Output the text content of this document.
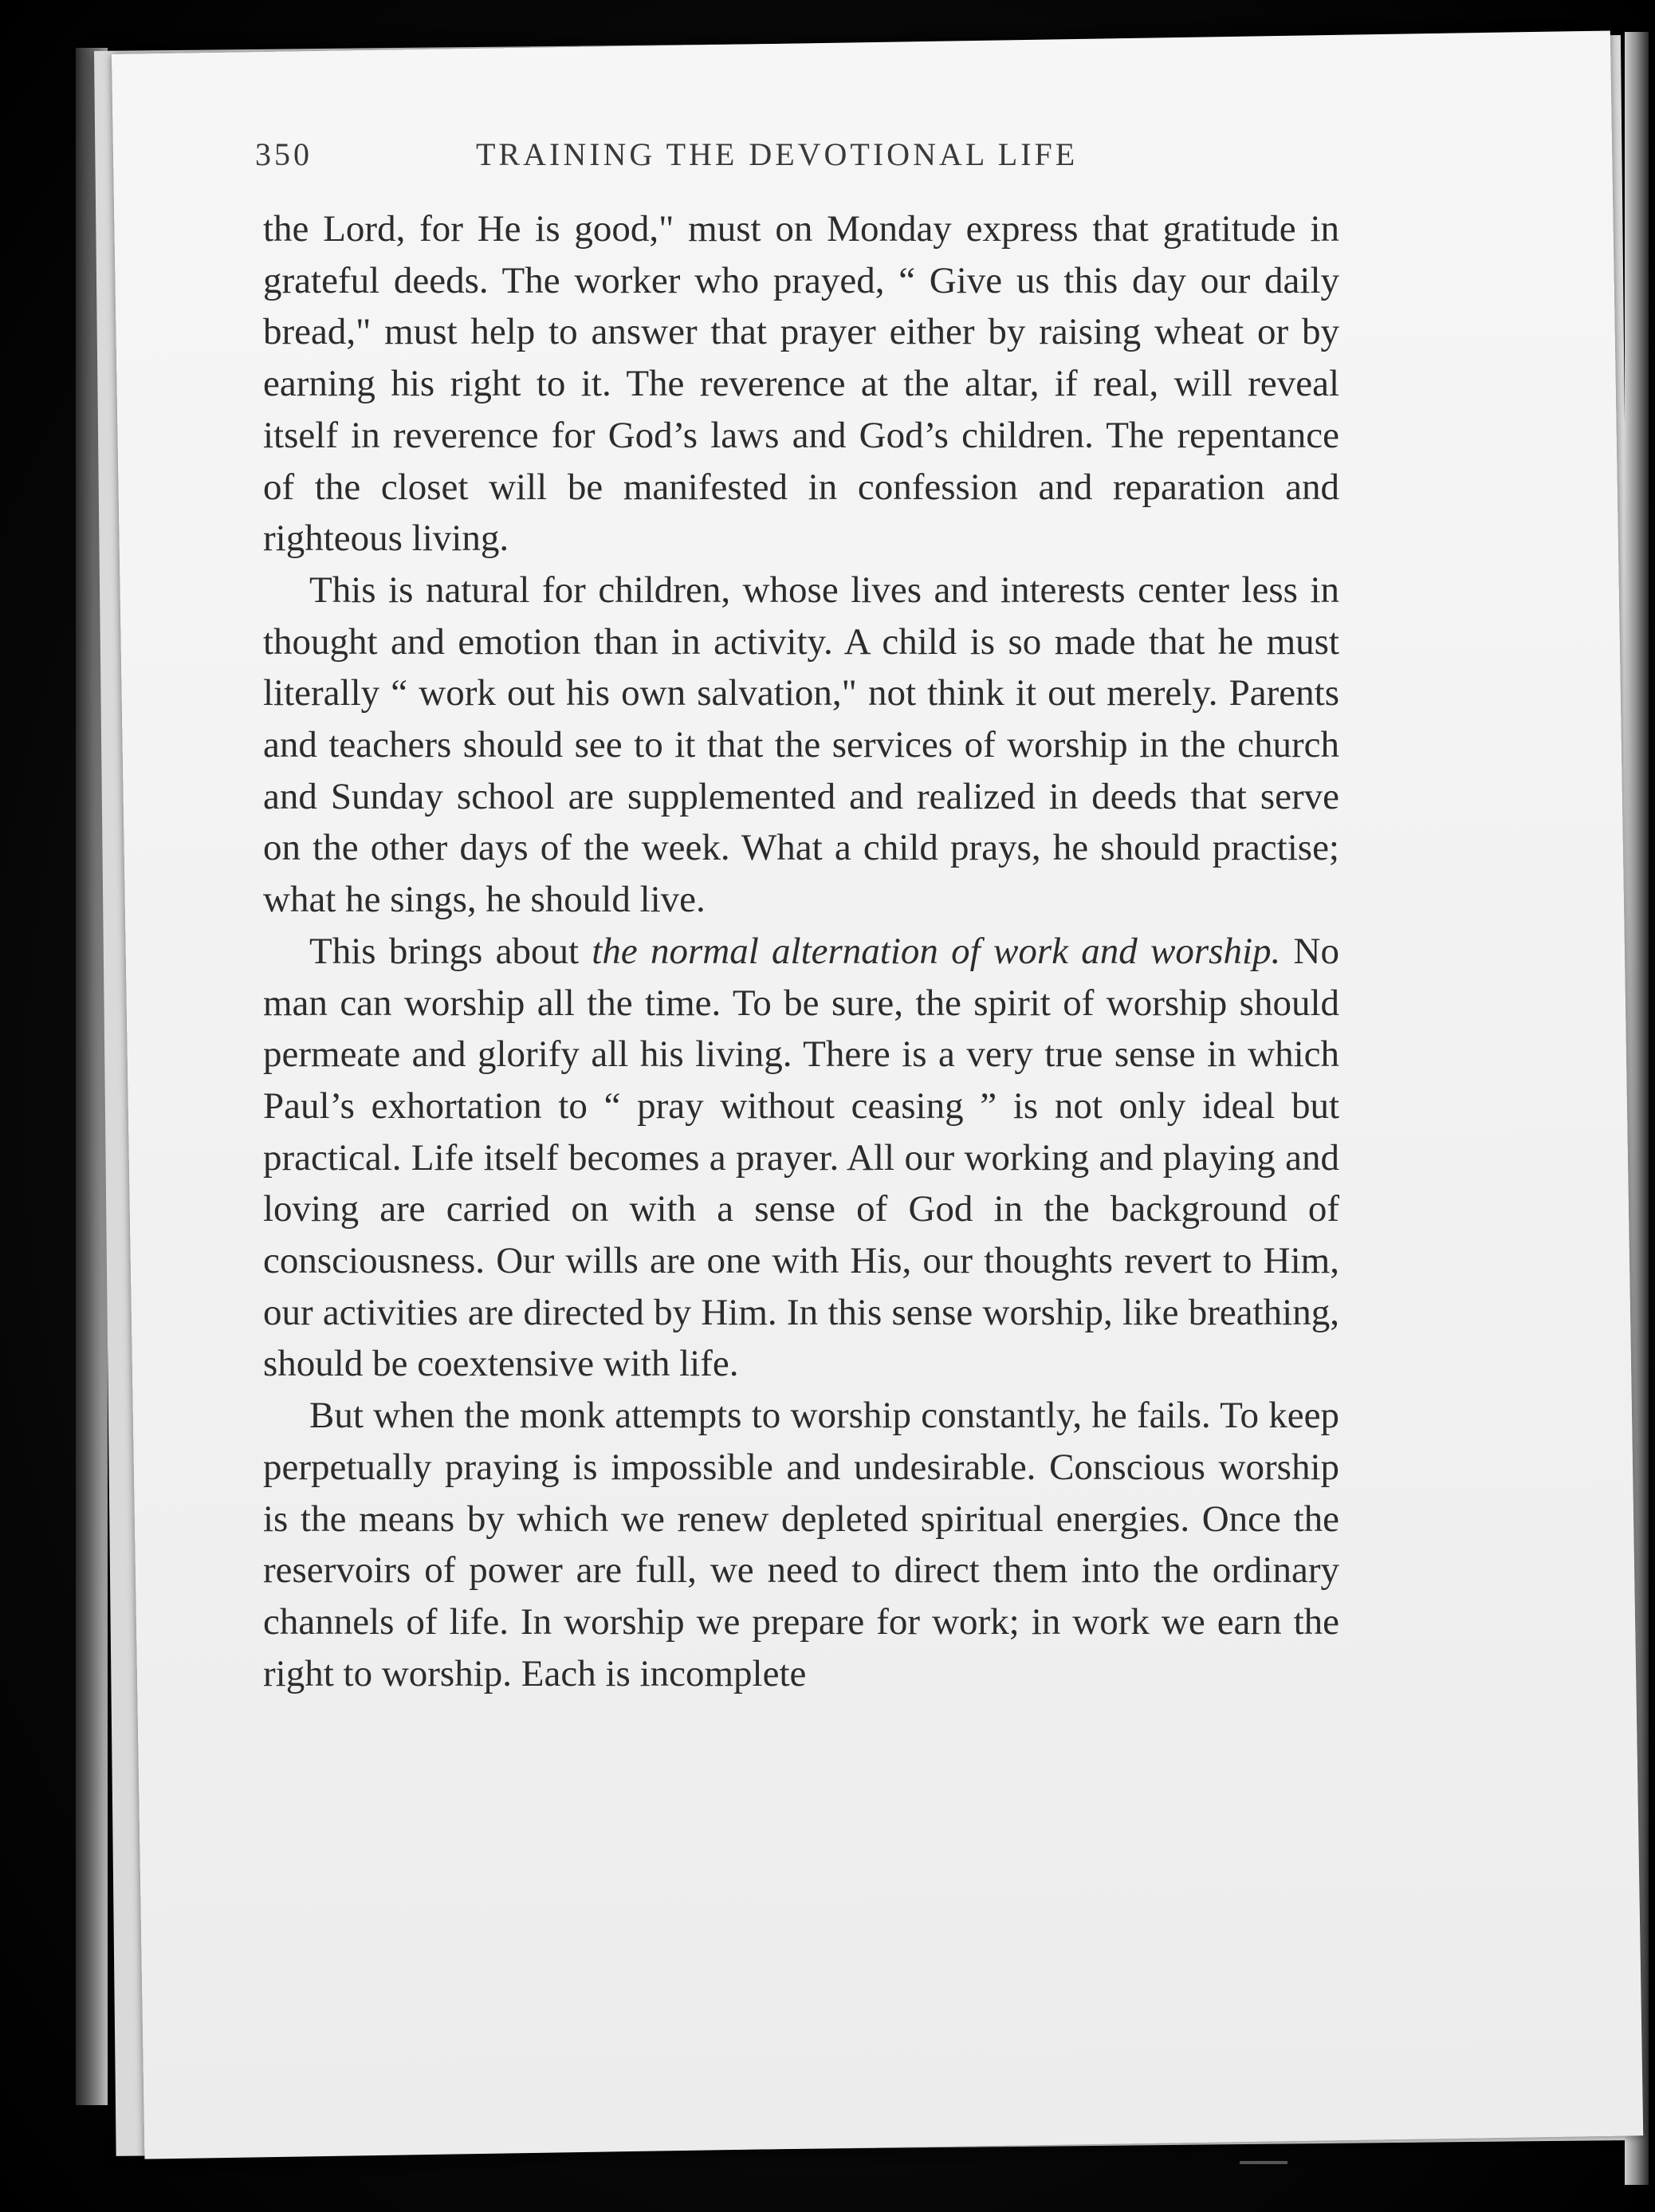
350	TRAINING THE DEVOTIONAL LIFE

the Lord, for He is good," must on Monday express that gratitude in grateful deeds. The worker who prayed, “ Give us this day our daily bread," must help to answer that prayer either by raising wheat or by earning his right to it. The reverence at the altar, if real, will reveal itself in reverence for God’s laws and God’s children. The repentance of the closet will be manifested in confession and reparation and righteous living.

This is natural for children, whose lives and interests center less in thought and emotion than in activity. A child is so made that he must literally “ work out his own salvation," not think it out merely. Parents and teachers should see to it that the services of worship in the church and Sunday school are supplemented and realized in deeds that serve on the other days of the week. What a child prays, he should practise; what he sings, he should live.

This brings about the normal alternation of work and worship. No man can worship all the time. To be sure, the spirit of worship should permeate and glorify all his living. There is a very true sense in which Paul’s exhortation to “ pray without ceasing ” is not only ideal but practical. Life itself becomes a prayer. All our working and playing and loving are carried on with a sense of God in the background of consciousness. Our wills are one with His, our thoughts revert to Him, our activities are directed by Him. In this sense worship, like breathing, should be coextensive with life.

But when the monk attempts to worship constantly, he fails. To keep perpetually praying is impossible and undesirable. Conscious worship is the means by which we renew depleted spiritual energies. Once the reservoirs of power are full, we need to direct them into the ordinary channels of life. In worship we prepare for work; in work we earn the right to worship. Each is incomplete
